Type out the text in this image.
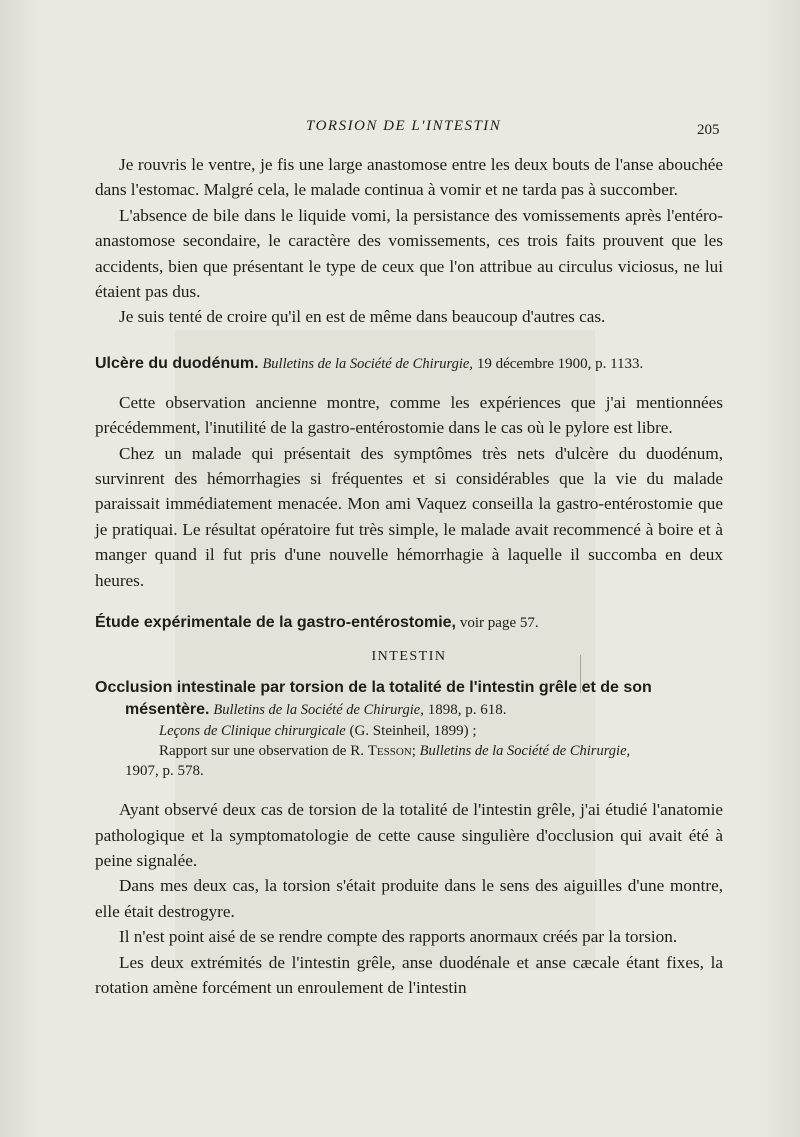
TORSION DE L'INTESTIN	205

Je rouvris le ventre, je fis une large anastomose entre les deux bouts de l'anse abouchée dans l'estomac. Malgré cela, le malade continua à vomir et ne tarda pas à succomber.

L'absence de bile dans le liquide vomi, la persistance des vomissements après l'entéro-anastomose secondaire, le caractère des vomissements, ces trois faits prouvent que les accidents, bien que présentant le type de ceux que l'on attribue au circulus viciosus, ne lui étaient pas dus.

Je suis tenté de croire qu'il en est de même dans beaucoup d'autres cas.

Ulcère du duodénum. Bulletins de la Société de Chirurgie, 19 décembre 1900, p. 1133.

Cette observation ancienne montre, comme les expériences que j'ai mentionnées précédemment, l'inutilité de la gastro-entérostomie dans le cas où le pylore est libre.

Chez un malade qui présentait des symptômes très nets d'ulcère du duodénum, survinrent des hémorrhagies si fréquentes et si considérables que la vie du malade paraissait immédiatement menacée. Mon ami Vaquez conseilla la gastro-entérostomie que je pratiquai. Le résultat opératoire fut très simple, le malade avait recommencé à boire et à manger quand il fut pris d'une nouvelle hémorrhagie à laquelle il succomba en deux heures.

Étude expérimentale de la gastro-entérostomie, voir page 57.
INTESTIN
Occlusion intestinale par torsion de la totalité de l'intestin grêle et de son
mésentère. Bulletins de la Société de Chirurgie, 1898, p. 618.
Leçons de Clinique chirurgicale (G. Steinheil, 1899) ;
Rapport sur une observation de R. Tesson; Bulletins de la Société de Chirurgie,
1907, p. 578.

Ayant observé deux cas de torsion de la totalité de l'intestin grêle, j'ai étudié l'anatomie pathologique et la symptomatologie de cette cause singulière d'occlusion qui avait été à peine signalée.

Dans mes deux cas, la torsion s'était produite dans le sens des aiguilles d'une montre, elle était destrogyre.

Il n'est point aisé de se rendre compte des rapports anormaux créés par la torsion.

Les deux extrémités de l'intestin grêle, anse duodénale et anse cæcale étant fixes, la rotation amène forcément un enroulement de l'intestin
